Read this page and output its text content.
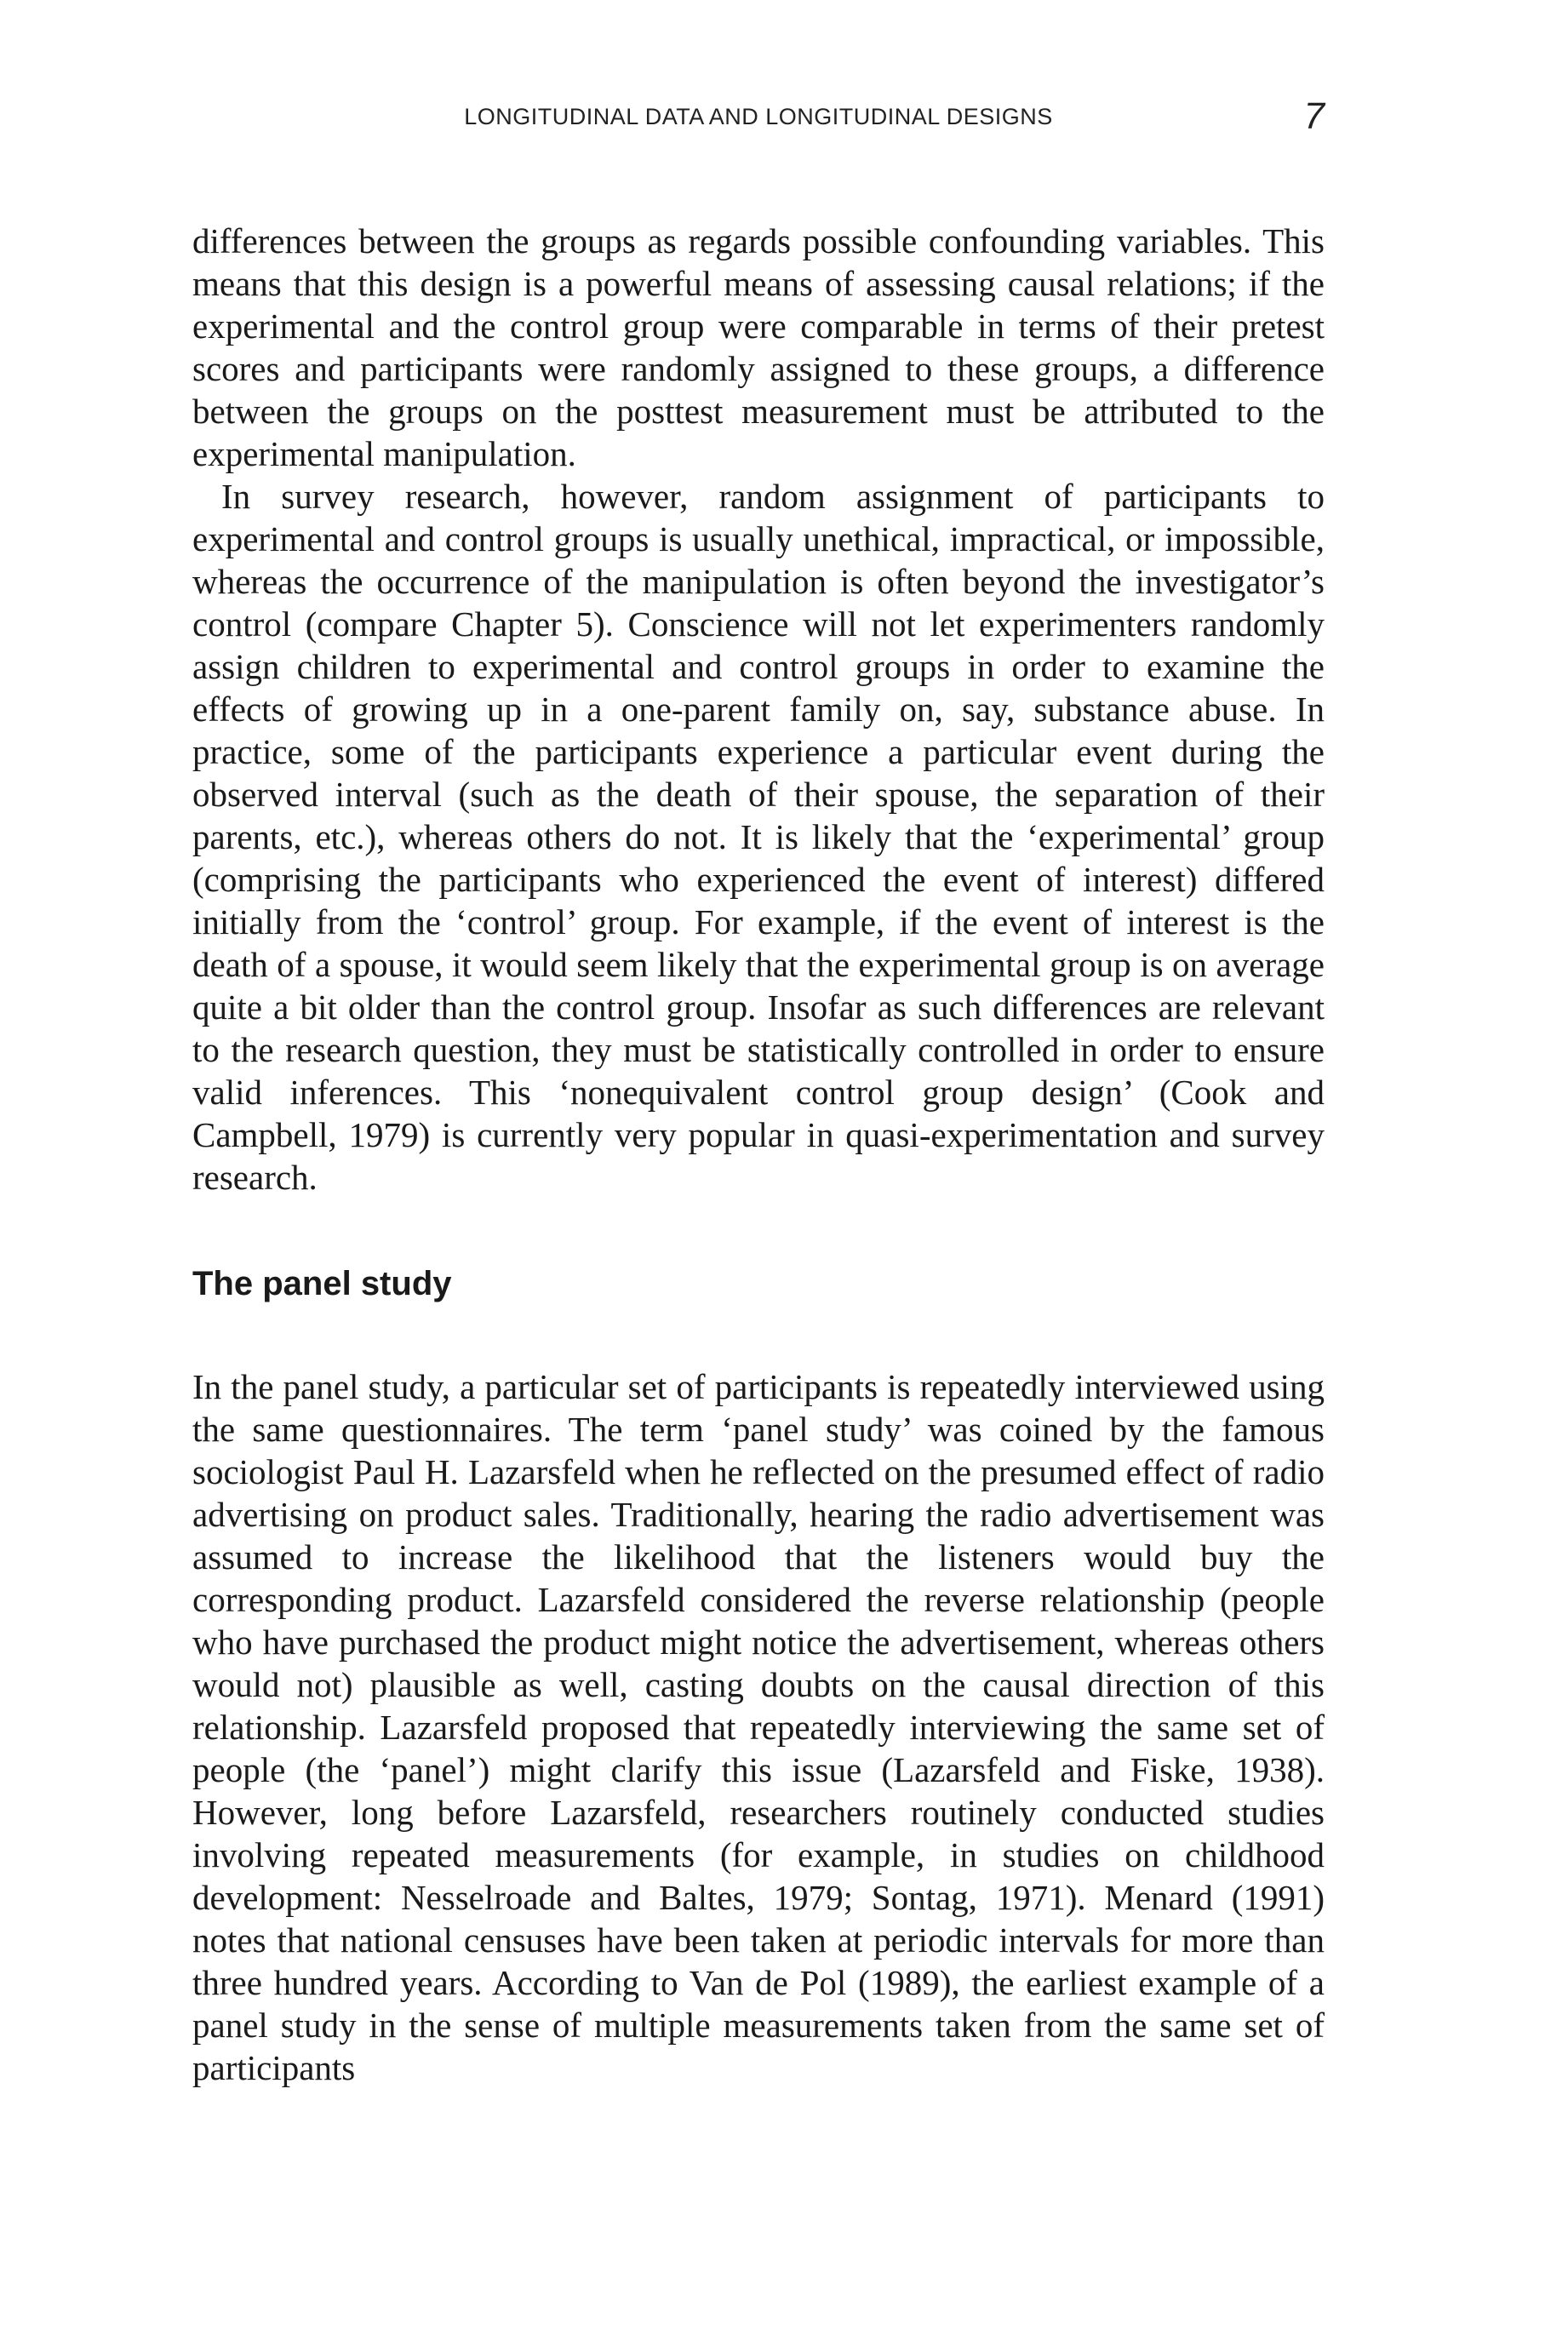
LONGITUDINAL DATA AND LONGITUDINAL DESIGNS	7

differences between the groups as regards possible confounding variables. This means that this design is a powerful means of assessing causal relations; if the experimental and the control group were comparable in terms of their pretest scores and participants were randomly assigned to these groups, a difference between the groups on the posttest measurement must be attributed to the experimental manipulation.

In survey research, however, random assignment of participants to experimental and control groups is usually unethical, impractical, or impossible, whereas the occurrence of the manipulation is often beyond the investigator’s control (compare Chapter 5). Conscience will not let experimenters randomly assign children to experimental and control groups in order to examine the effects of growing up in a one-parent family on, say, substance abuse. In practice, some of the participants experience a particular event during the observed interval (such as the death of their spouse, the separation of their parents, etc.), whereas others do not. It is likely that the ‘experimental’ group (comprising the participants who experienced the event of interest) differed initially from the ‘control’ group. For example, if the event of interest is the death of a spouse, it would seem likely that the experimental group is on average quite a bit older than the control group. Insofar as such differences are relevant to the research question, they must be statistically controlled in order to ensure valid inferences. This ‘nonequivalent control group design’ (Cook and Campbell, 1979) is currently very popular in quasi-experimentation and survey research.

The panel study

In the panel study, a particular set of participants is repeatedly interviewed using the same questionnaires. The term ‘panel study’ was coined by the famous sociologist Paul H. Lazarsfeld when he reflected on the presumed effect of radio advertising on product sales. Traditionally, hearing the radio advertisement was assumed to increase the likelihood that the listeners would buy the corresponding product. Lazarsfeld considered the reverse relationship (people who have purchased the product might notice the advertisement, whereas others would not) plausible as well, casting doubts on the causal direction of this relationship. Lazarsfeld proposed that repeatedly interviewing the same set of people (the ‘panel’) might clarify this issue (Lazarsfeld and Fiske, 1938). However, long before Lazarsfeld, researchers routinely conducted studies involving repeated measurements (for example, in studies on childhood development: Nesselroade and Baltes, 1979; Sontag, 1971). Menard (1991) notes that national censuses have been taken at periodic intervals for more than three hundred years. According to Van de Pol (1989), the earliest example of a panel study in the sense of multiple measurements taken from the same set of participants
